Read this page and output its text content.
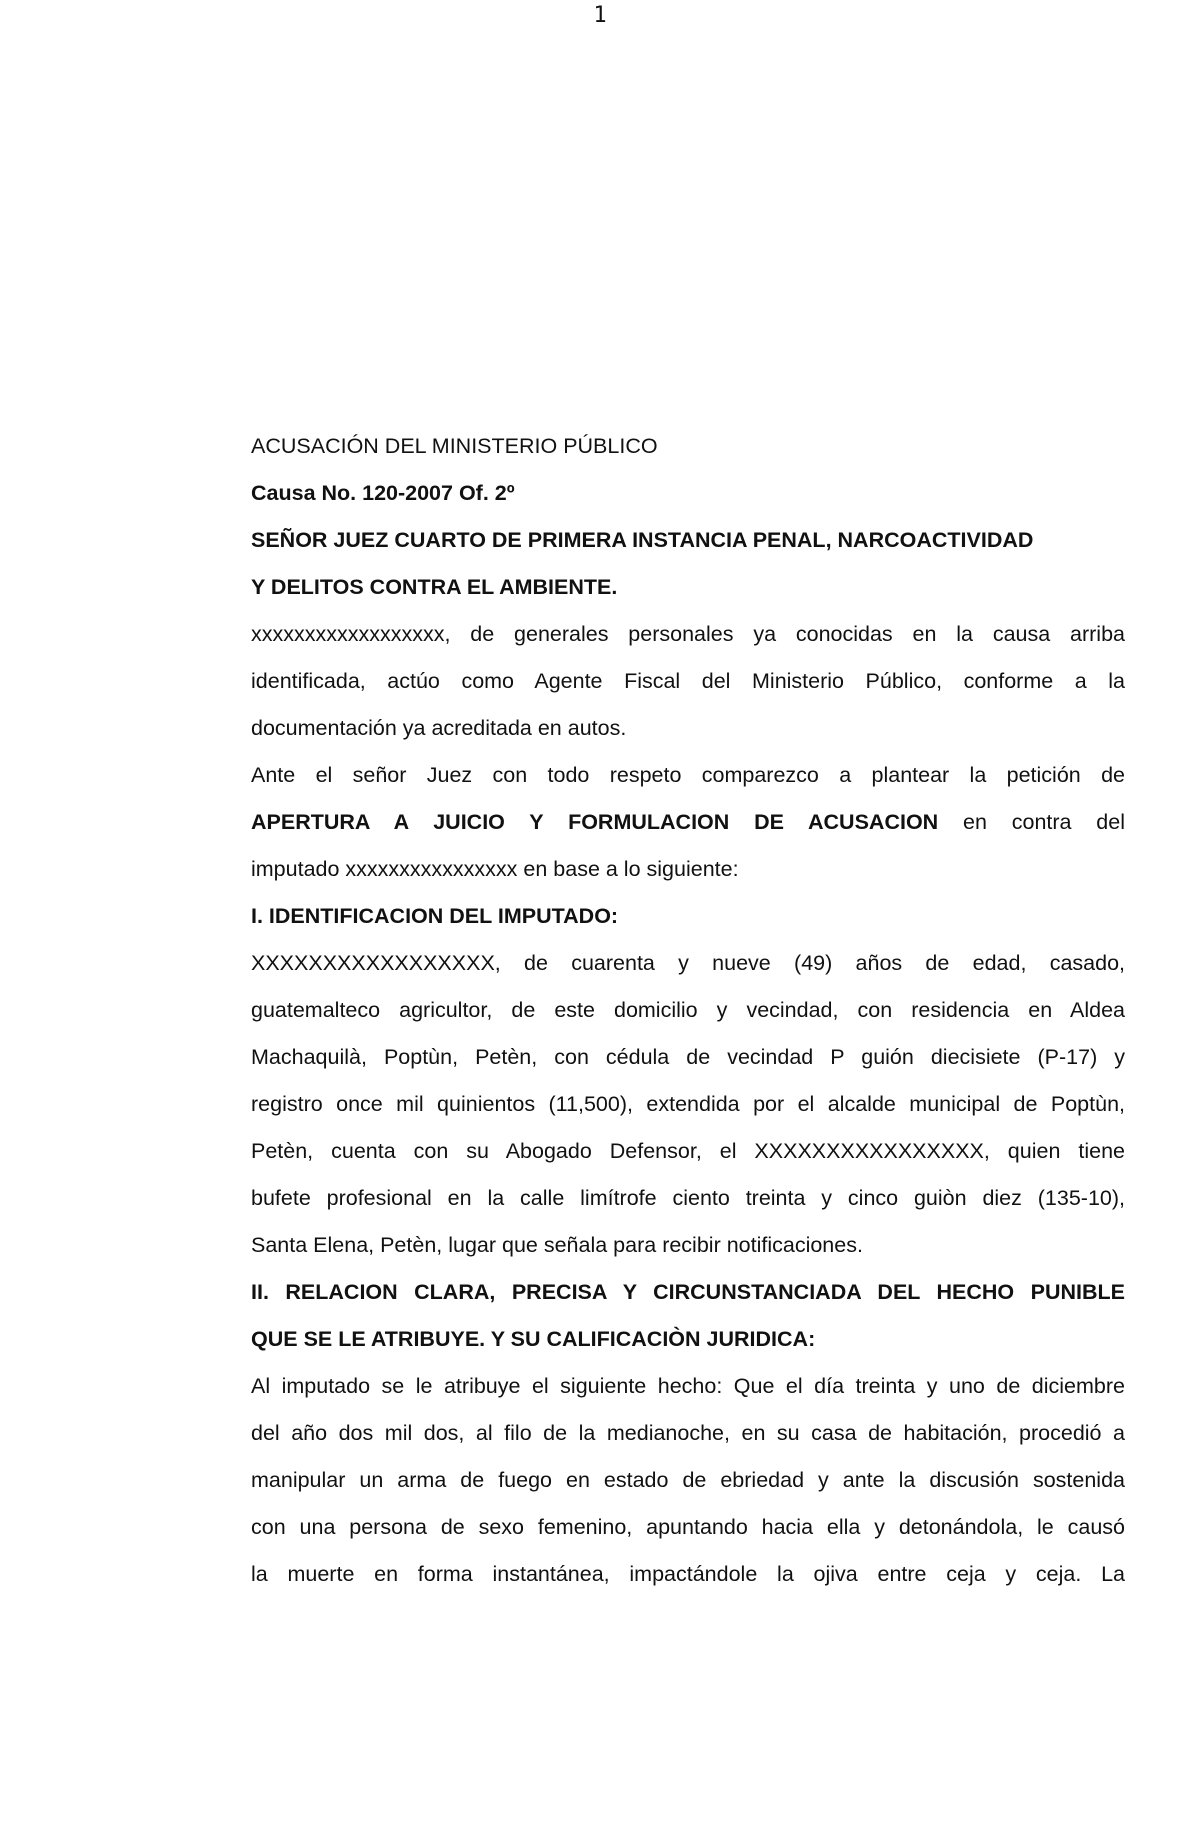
1
ACUSACIÓN DEL MINISTERIO PÚBLICO
Causa No. 120-2007 Of. 2º
SEÑOR JUEZ CUARTO DE PRIMERA INSTANCIA PENAL, NARCOACTIVIDAD
Y DELITOS CONTRA EL AMBIENTE.
xxxxxxxxxxxxxxxxxx, de generales personales ya conocidas en la causa arriba
identificada, actúo como Agente Fiscal del Ministerio Público, conforme a la
documentación ya acreditada en autos.
Ante el señor Juez con todo respeto comparezco a plantear la petición de
APERTURA A JUICIO Y FORMULACION DE ACUSACION en contra del
imputado xxxxxxxxxxxxxxxx en base a lo siguiente:
I. IDENTIFICACION DEL IMPUTADO:
XXXXXXXXXXXXXXXXX, de cuarenta y nueve (49) años de edad, casado,
guatemalteco agricultor, de este domicilio y vecindad, con residencia en Aldea
Machaquilà, Poptùn, Petèn, con cédula de vecindad P guión diecisiete (P-17) y
registro once mil quinientos (11,500), extendida por el alcalde municipal de Poptùn,
Petèn, cuenta con su Abogado Defensor, el XXXXXXXXXXXXXXXX, quien tiene
bufete profesional en la calle limítrofe ciento treinta y cinco guiòn diez (135-10),
Santa Elena, Petèn, lugar que señala para recibir notificaciones.
II. RELACION CLARA, PRECISA Y CIRCUNSTANCIADA DEL HECHO PUNIBLE
QUE SE LE ATRIBUYE. Y SU CALIFICACIÒN JURIDICA:
Al imputado se le atribuye el siguiente hecho: Que el día treinta y uno de diciembre
del año dos mil dos, al filo de la medianoche, en su casa de habitación, procedió a
manipular un arma de fuego en estado de ebriedad y ante la discusión sostenida
con una persona de sexo femenino, apuntando hacia ella y detonándola, le causó
la muerte en forma instantánea, impactándole la ojiva entre ceja y ceja. La
